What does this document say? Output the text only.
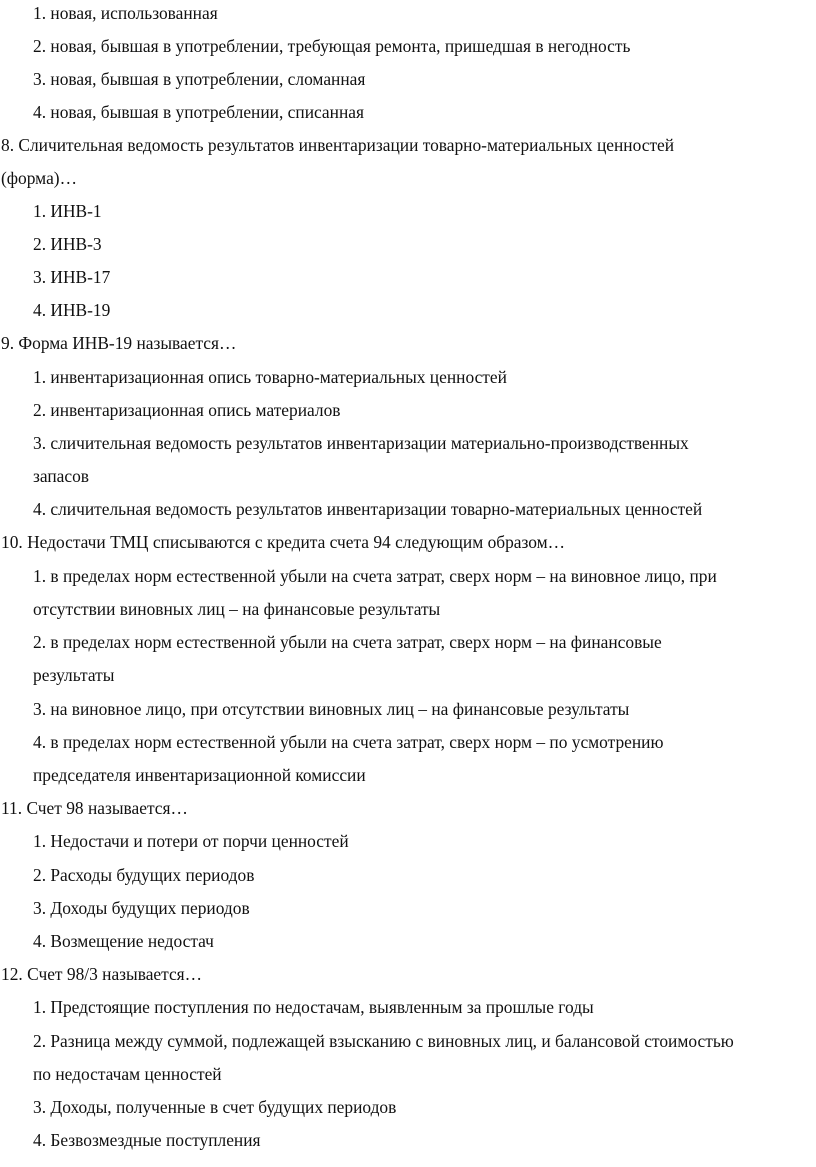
1. новая, использованная
2. новая, бывшая в употреблении, требующая ремонта, пришедшая в негодность
3. новая, бывшая в употреблении, сломанная
4. новая, бывшая в употреблении, списанная
8. Сличительная ведомость результатов инвентаризации товарно-материальных ценностей
(форма)…
1. ИНВ-1
2. ИНВ-3
3. ИНВ-17
4. ИНВ-19
9. Форма ИНВ-19 называется…
1. инвентаризационная опись товарно-материальных ценностей
2. инвентаризационная опись материалов
3. сличительная ведомость результатов инвентаризации материально-производственных
запасов
4. сличительная ведомость результатов инвентаризации товарно-материальных ценностей
10. Недостачи ТМЦ списываются с кредита счета 94 следующим образом…
1. в пределах норм естественной убыли на счета затрат, сверх норм – на виновное лицо, при
отсутствии виновных лиц – на финансовые результаты
2. в пределах норм естественной убыли на счета затрат, сверх норм – на финансовые
результаты
3. на виновное лицо, при отсутствии виновных лиц – на финансовые результаты
4. в пределах норм естественной убыли на счета затрат, сверх норм – по усмотрению
председателя инвентаризационной комиссии
11. Счет 98 называется…
1. Недостачи и потери от порчи ценностей
2. Расходы будущих периодов
3. Доходы будущих периодов
4. Возмещение недостач
12. Счет 98/3 называется…
1. Предстоящие поступления по недостачам, выявленным за прошлые годы
2. Разница между суммой, подлежащей взысканию с виновных лиц, и балансовой стоимостью
по недостачам ценностей
3. Доходы, полученные в счет будущих периодов
4. Безвозмездные поступления
